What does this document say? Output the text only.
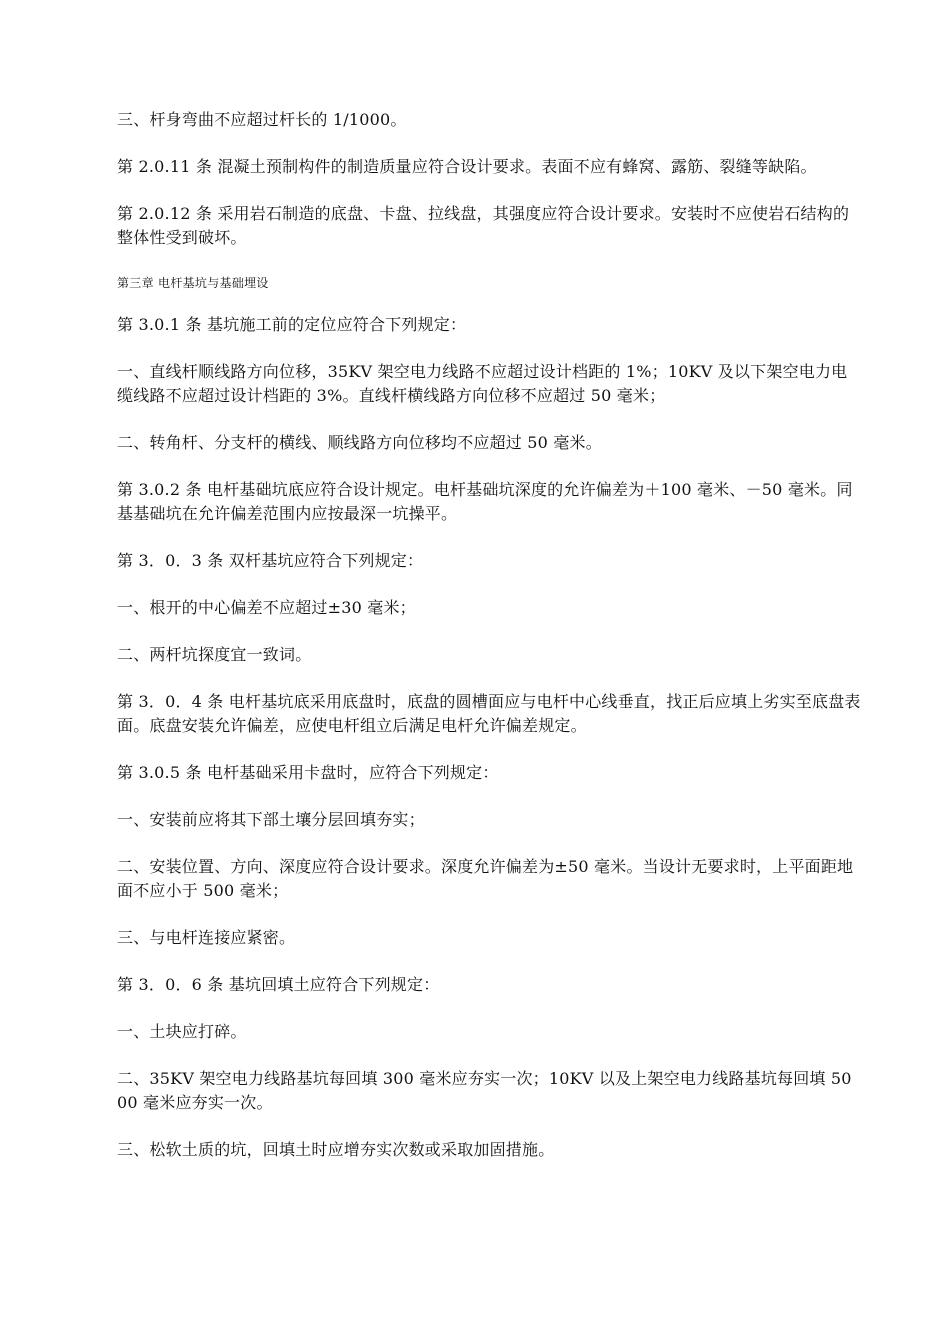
三、杆身弯曲不应超过杆长的 1/1000。

第 2.0.11 条 混凝土预制构件的制造质量应符合设计要求。表面不应有蜂窝、露筋、裂缝等缺陷。

第 2.0.12 条 采用岩石制造的底盘、卡盘、拉线盘，其强度应符合设计要求。安装时不应使岩石结构的整体性受到破坏。

第三章 电杆基坑与基础埋设

第 3.0.1 条 基坑施工前的定位应符合下列规定：

一、直线杆顺线路方向位移，35KV 架空电力线路不应超过设计档距的 1%；10KV 及以下架空电力电缆线路不应超过设计档距的 3%。直线杆横线路方向位移不应超过 50 毫米；

二、转角杆、分支杆的横线、顺线路方向位移均不应超过 50 毫米。

第 3.0.2 条 电杆基础坑底应符合设计规定。电杆基础坑深度的允许偏差为＋100 毫米、－50 毫米。同基基础坑在允许偏差范围内应按最深一坑操平。

第 3．0．3 条 双杆基坑应符合下列规定：

一、根开的中心偏差不应超过±30 毫米；

二、两杆坑探度宜一致词。

第 3．0．4 条 电杆基坑底采用底盘时，底盘的圆槽面应与电杆中心线垂直，找正后应填上劣实至底盘表面。底盘安装允许偏差，应使电杆组立后满足电杆允许偏差规定。

第 3.0.5 条 电杆基础采用卡盘时，应符合下列规定：

一、安装前应将其下部土壤分层回填夯实；

二、安装位置、方向、深度应符合设计要求。深度允许偏差为±50 毫米。当设计无要求时，上平面距地面不应小于 500 毫米；

三、与电杆连接应紧密。

第 3．0．6 条 基坑回填土应符合下列规定：

一、土块应打碎。

二、35KV 架空电力线路基坑每回填 300 毫米应夯实一次；10KV 以及上架空电力线路基坑每回填 5000 毫米应夯实一次。

三、松软土质的坑，回填土时应增夯实次数或采取加固措施。
